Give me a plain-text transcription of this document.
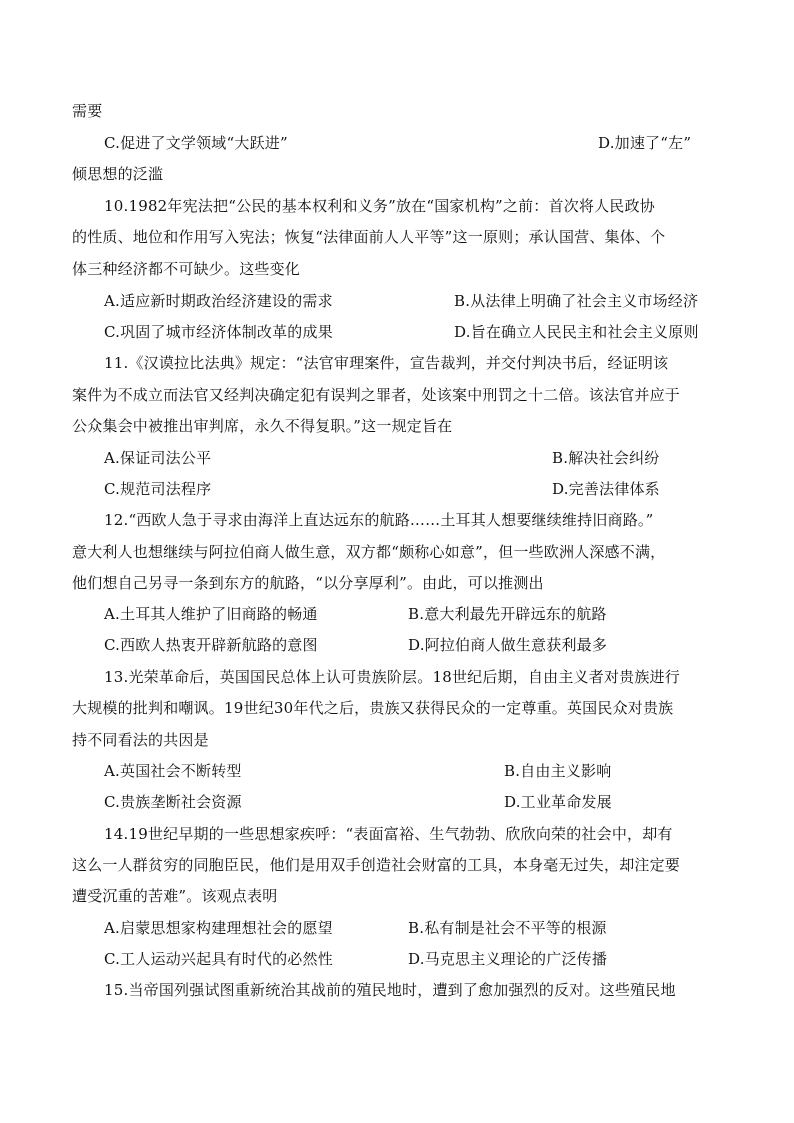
需要
C.促进了文学领域“大跃进”	D.加速了“左”
倾思想的泛滥
10.1982年宪法把“公民的基本权利和义务”放在“国家机构”之前：首次将人民政协
的性质、地位和作用写入宪法；恢复“法律面前人人平等”这一原则；承认国营、集体、个
体三种经济都不可缺少。这些变化
A.适应新时期政治经济建设的需求	B.从法律上明确了社会主义市场经济
C.巩固了城市经济体制改革的成果	D.旨在确立人民民主和社会主义原则
11.《汉谟拉比法典》规定：“法官审理案件，宣告裁判，并交付判决书后，经证明该
案件为不成立而法官又经判决确定犯有误判之罪者，处该案中刑罚之十二倍。该法官并应于
公众集会中被推出审判席，永久不得复职。”这一规定旨在
A.保证司法公平	B.解决社会纠纷
C.规范司法程序	D.完善法律体系
12.“西欧人急于寻求由海洋上直达远东的航路……土耳其人想要继续维持旧商路。”
意大利人也想继续与阿拉伯商人做生意，双方都“颇称心如意”，但一些欧洲人深感不满，
他们想自己另寻一条到东方的航路，“以分享厚利”。由此，可以推测出
A.土耳其人维护了旧商路的畅通	B.意大利最先开辟远东的航路
C.西欧人热衷开辟新航路的意图	D.阿拉伯商人做生意获利最多
13.光荣革命后，英国国民总体上认可贵族阶层。18世纪后期，自由主义者对贵族进行
大规模的批判和嘲讽。19世纪30年代之后，贵族又获得民众的一定尊重。英国民众对贵族
持不同看法的共因是
A.英国社会不断转型	B.自由主义影响
C.贵族垄断社会资源	D.工业革命发展
14.19世纪早期的一些思想家疾呼：“表面富裕、生气勃勃、欣欣向荣的社会中，却有
这么一人群贫穷的同胞臣民，他们是用双手创造社会财富的工具，本身毫无过失，却注定要
遭受沉重的苦难”。该观点表明
A.启蒙思想家构建理想社会的愿望	B.私有制是社会不平等的根源
C.工人运动兴起具有时代的必然性	D.马克思主义理论的广泛传播
15.当帝国列强试图重新统治其战前的殖民地时，遭到了愈加强烈的反对。这些殖民地
